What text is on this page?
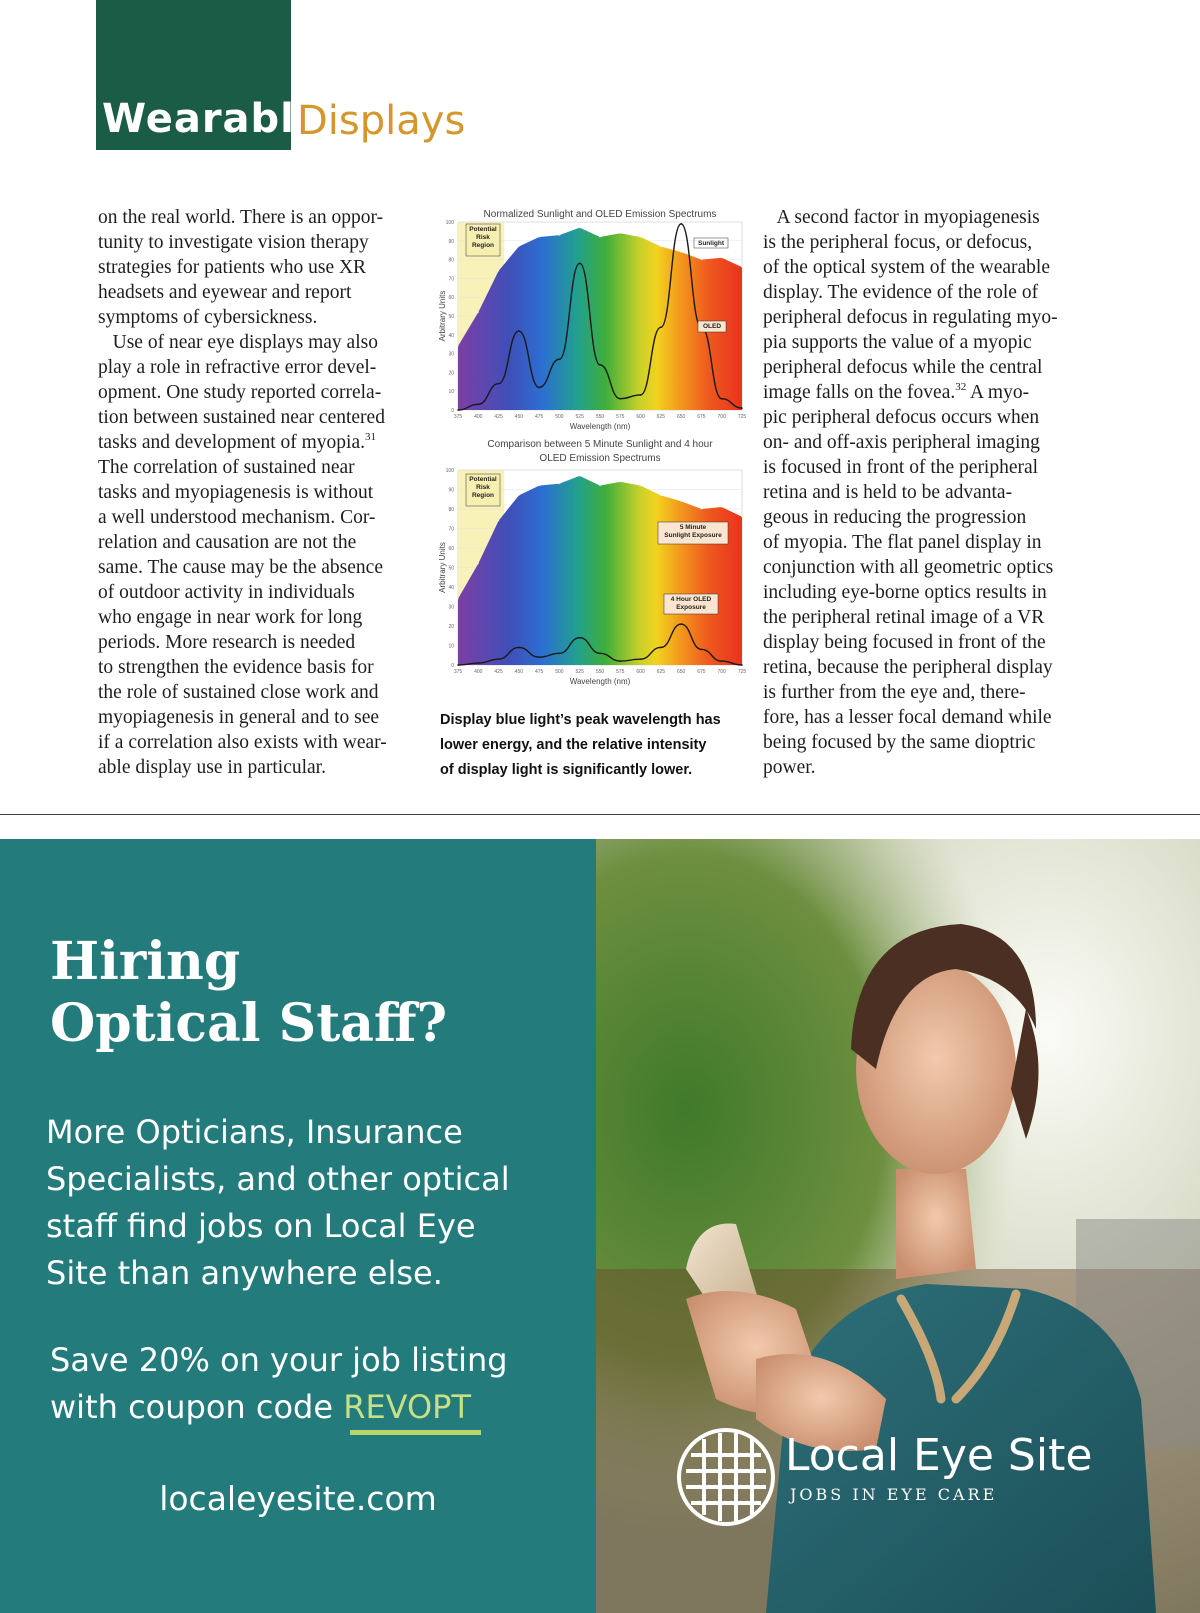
Wearable
Displays
on the real world. There is an oppor-
tunity to investigate vision therapy
strategies for patients who use XR
headsets and eyewear and report
symptoms of cybersickness.
Use of near eye displays may also
play a role in refractive error devel-
opment. One study reported correla-
tion between sustained near centered
tasks and development of myopia.$^{31}$
The correlation of sustained near
tasks and myopiagenesis is without
a well understood mechanism. Cor-
relation and causation are not the
same. The cause may be the absence
of outdoor activity in individuals
who engage in near work for long
periods. More research is needed
to strengthen the evidence basis for
the role of sustained close work and
myopiagenesis in general and to see
if a correlation also exists with wear-
able display use in particular.
A second factor in myopiagenesis
is the peripheral focus, or defocus,
of the optical system of the wearable
display. The evidence of the role of
peripheral defocus in regulating myo-
pia supports the value of a myopic
peripheral defocus while the central
image falls on the fovea.$^{32}$ A myo-
pic peripheral defocus occurs when
on- and off-axis peripheral imaging
is focused in front of the peripheral
retina and is held to be advanta-
geous in reducing the progression
of myopia. The flat panel display in
conjunction with all geometric optics
including eye-borne optics results in
the peripheral retinal image of a VR
display being focused in front of the
retina, because the peripheral display
is further from the eye and, there-
fore, has a lesser focal demand while
being focused by the same dioptric
power.
Normalized Sunlight and OLED Emission Spectrums
0
10
20
30
40
50
60
70
80
90
100
375 400 425 450 475 500 525 550 575 600 625 650 675 700 725
Wavelength (nm)
Arbitrary Units
Potential
Risk
Region	Sunlight
OLED
Comparison between 5 Minute Sunlight and 4 hour
OLED Emission Spectrums
0
10
20
30
40
50
60
70
80
90
100
375 400 425 450 475 500 525 550 575 600 625 650 675 700 725
Wavelength (nm)
Arbitrary Units
Potential
Risk
Region
5 Minute
Sunlight Exposure
4 Hour OLED
Exposure
Display blue light’s peak wavelength has
lower energy, and the relative intensity
of display light is significantly lower.
Hiring
Optical Staff?
More Opticians, Insurance
Specialists, and other optical
staff find jobs on Local Eye
Site than anywhere else.
Save 20% on your job listing
with coupon code REVOPT
localeyesite.com
Local Eye Site
JOBS IN EYE CARE
